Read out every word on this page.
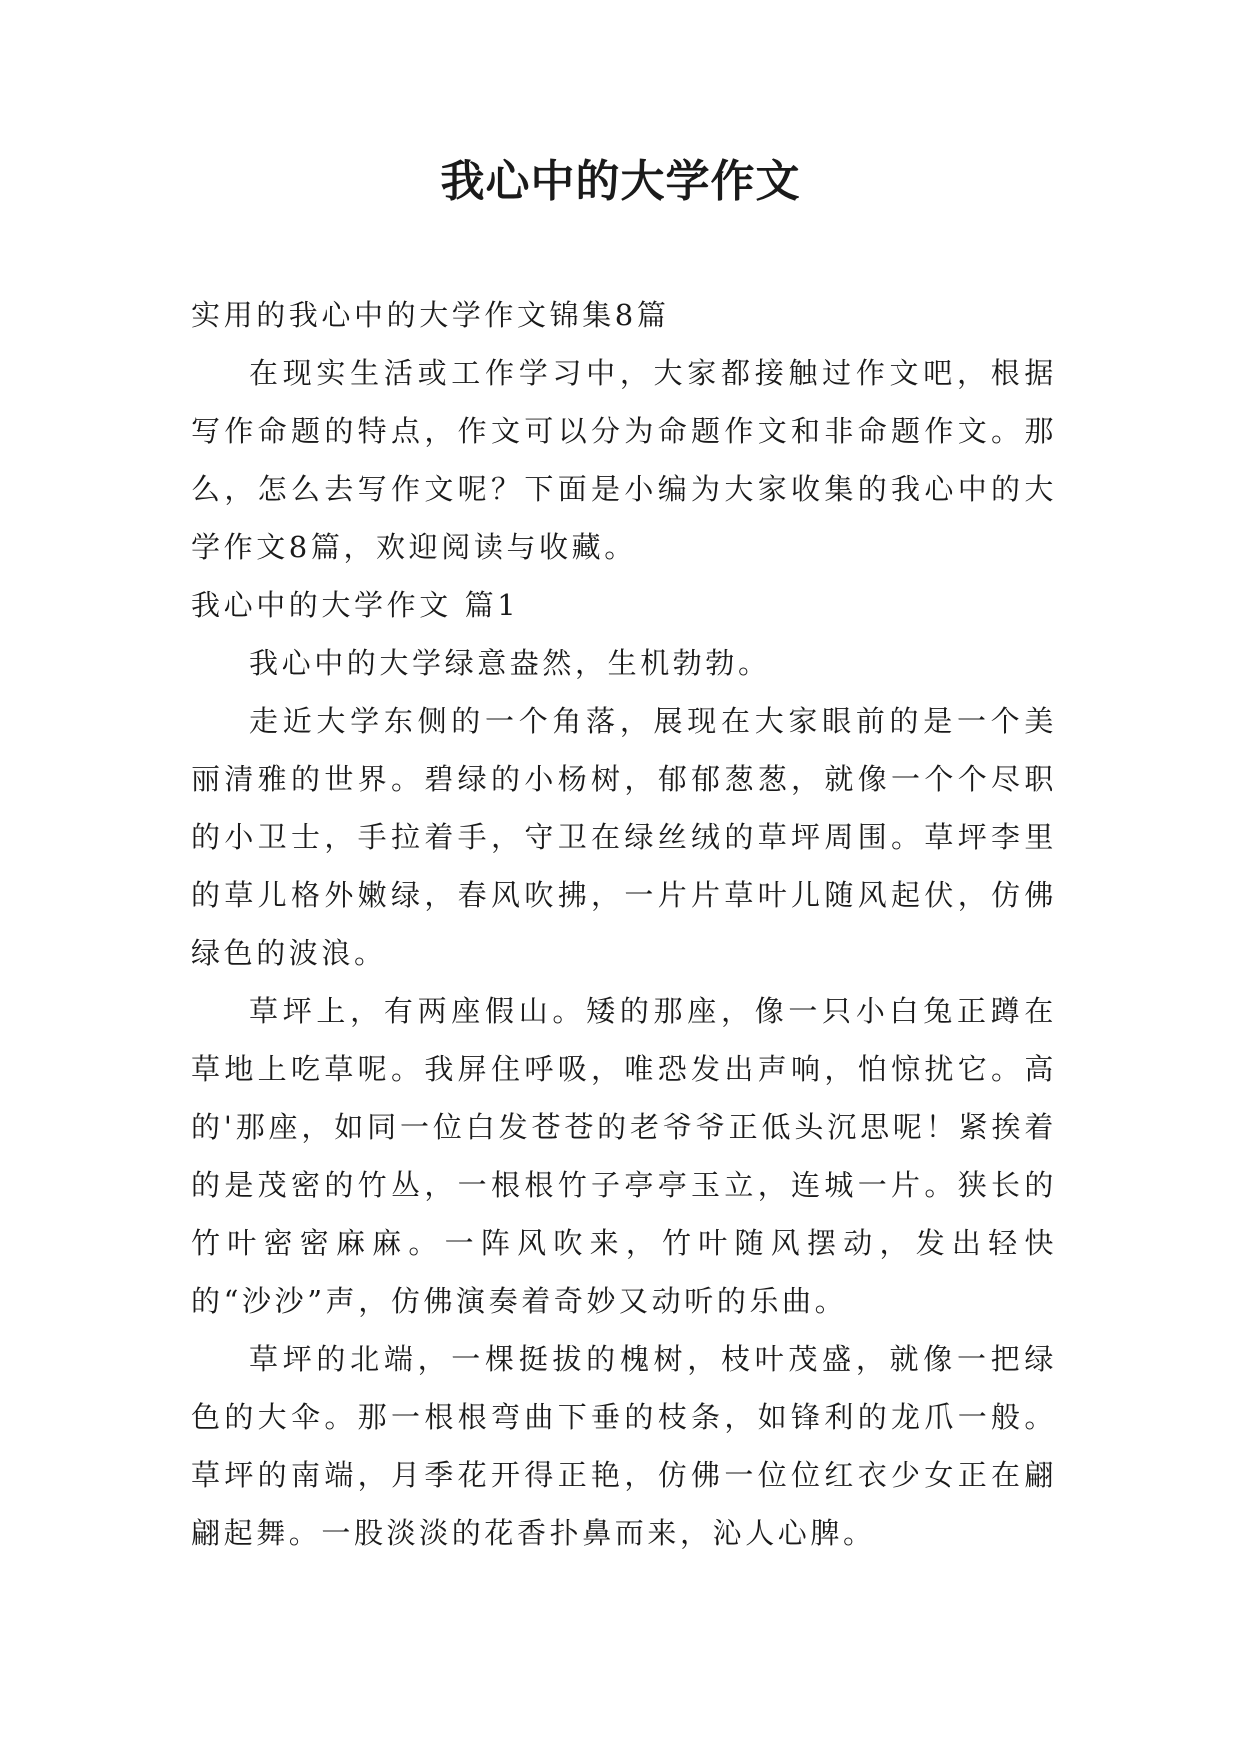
我心中的大学作文

实用的我心中的大学作文锦集8篇

在现实生活或工作学习中，大家都接触过作文吧，根据写作命题的特点，作文可以分为命题作文和非命题作文。那么，怎么去写作文呢？下面是小编为大家收集的我心中的大学作文8篇，欢迎阅读与收藏。

我心中的大学作文 篇1

我心中的大学绿意盎然，生机勃勃。

走近大学东侧的一个角落，展现在大家眼前的是一个美丽清雅的世界。碧绿的小杨树，郁郁葱葱，就像一个个尽职的小卫士，手拉着手，守卫在绿丝绒的草坪周围。草坪李里的草儿格外嫩绿，春风吹拂，一片片草叶儿随风起伏，仿佛绿色的波浪。

草坪上，有两座假山。矮的那座，像一只小白兔正蹲在草地上吃草呢。我屏住呼吸，唯恐发出声响，怕惊扰它。高的'那座，如同一位白发苍苍的老爷爷正低头沉思呢！紧挨着的是茂密的竹丛，一根根竹子亭亭玉立，连城一片。狭长的竹叶密密麻麻。一阵风吹来，竹叶随风摆动，发出轻快的“沙沙”声，仿佛演奏着奇妙又动听的乐曲。

草坪的北端，一棵挺拔的槐树，枝叶茂盛，就像一把绿色的大伞。那一根根弯曲下垂的枝条，如锋利的龙爪一般。草坪的南端，月季花开得正艳，仿佛一位位红衣少女正在翩翩起舞。一股淡淡的花香扑鼻而来，沁人心脾。
